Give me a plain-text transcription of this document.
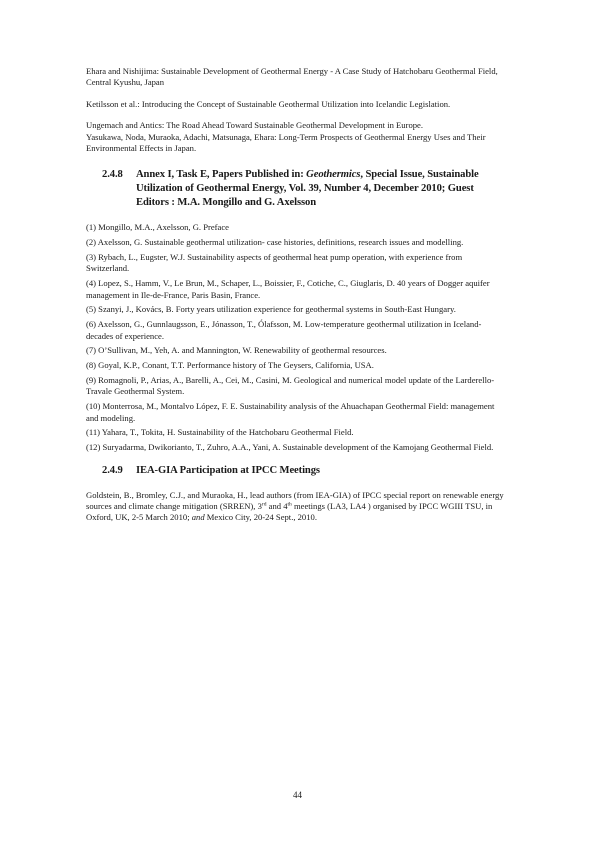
Ehara and Nishijima: Sustainable Development of Geothermal Energy - A Case Study of Hatchobaru Geothermal Field, Central Kyushu, Japan

Ketilsson et al.: Introducing the Concept of Sustainable Geothermal Utilization into Icelandic Legislation.

Ungemach and Antics: The Road Ahead Toward Sustainable Geothermal Development in Europe.

Yasukawa, Noda, Muraoka, Adachi, Matsunaga, Ehara: Long-Term Prospects of Geothermal Energy Uses and Their Environmental Effects in Japan.

2.4.8	Annex I, Task E, Papers Published in: Geothermics, Special Issue, Sustainable Utilization of Geothermal Energy, Vol. 39, Number 4, December 2010; Guest Editors : M.A. Mongillo and G. Axelsson

(1) Mongillo, M.A., Axelsson, G. Preface

(2) Axelsson, G. Sustainable geothermal utilization- case histories, definitions, research issues and modelling.

(3) Rybach, L., Eugster, W.J. Sustainability aspects of geothermal heat pump operation, with experience from Switzerland.

(4) Lopez, S., Hamm, V., Le Brun, M., Schaper, L., Boissier, F., Cotiche, C., Giuglaris, D. 40 years of Dogger aquifer management in Ile-de-France, Paris Basin, France.

(5) Szanyi, J., Kovács, B. Forty years utilization experience for geothermal systems in South-East Hungary.

(6) Axelsson, G., Gunnlaugsson, E., Jónasson, T., Ólafsson, M. Low-temperature geothermal utilization in Iceland- decades of experience.

(7) O’Sullivan, M., Yeh, A. and Mannington, W. Renewability of geothermal resources.

(8) Goyal, K.P., Conant, T.T. Performance history of The Geysers, California, USA.

(9) Romagnoli, P., Arias, A., Barelli, A., Cei, M., Casini, M. Geological and numerical model update of the Larderello-Travale Geothermal System.

(10) Monterrosa, M., Montalvo López, F. E. Sustainability analysis of the Ahuachapan Geothermal Field: management and modeling.

(11) Yahara, T., Tokita, H. Sustainability of the Hatchobaru Geothermal Field.

(12) Suryadarma, Dwikorianto, T., Zuhro, A.A., Yani, A. Sustainable development of the Kamojang Geothermal Field.

2.4.9	IEA-GIA Participation at IPCC Meetings

Goldstein, B., Bromley, C.J., and Muraoka, H., lead authors (from IEA-GIA) of IPCC special report on renewable energy sources and climate change mitigation (SRREN), 3rd and 4th meetings (LA3, LA4 ) organised by IPCC WGIII TSU, in Oxford, UK, 2-5 March 2010; and Mexico City, 20-24 Sept., 2010.

44
